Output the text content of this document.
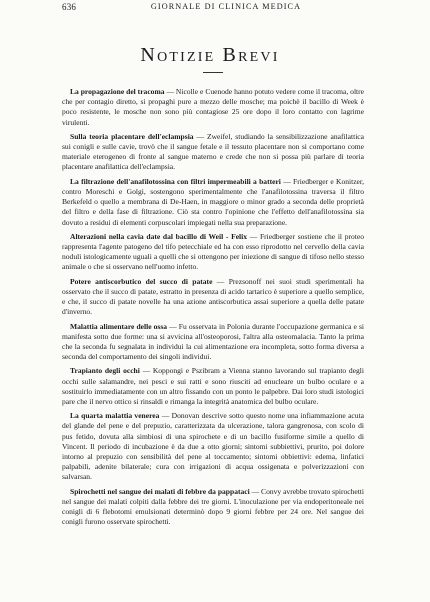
636	GIORNALE DI CLINICA MEDICA
Notizie Brevi

La propagazione del tracoma — Nicolle e Cuenode hanno potuto vedere come il tracoma, oltre che per contagio diretto, si propaghi pure a mezzo delle mosche; ma poichè il bacillo di Week è poco resistente, le mosche non sono più contagiose 25 ore dopo il loro contatto con lagrime virulenti.

Sulla teoria placentare dell'eclampsia — Zweifel, studiando la sensibilizzazione anafilattica sui conigli e sulle cavie, trovò che il sangue fetale e il tessuto placentare non si comportano come materiale eterogeneo di fronte al sangue materno e crede che non si possa più parlare di teoria placentare anafilattica dell'eclampsia.

La filtrazione dell'anafilotossina con filtri impermeabili a batteri — Friedberger e Konitzer, contro Moreschi e Golgi, sostengono sperimentalmente che l'anafilotossina traversa il filtro Berkefeld o quello a membrana di De-Haen, in maggiore o minor grado a seconda delle proprietà del filtro e della fase di filtrazione. Ciò sta contro l'opinione che l'effetto dell'anafilotossina sia dovuto a residui di elementi corpuscolari impiegati nella sua preparazione.

Alterazioni nella cavia date dal bacillo di Weil - Felix — Friedberger sostiene che il proteo rappresenta l'agente patogeno del tifo petecchiale ed ha con esso riprodotto nel cervello della cavia noduli istologicamente uguali a quelli che si ottengono per iniezione di sangue di tifoso nello stesso animale o che si osservano nell'uomo infetto.

Potere antiscorbutico del succo di patate — Prezsonoff nei suoi studi sperimentali ha osservato che il succo di patate, estratto in presenza di acido tartarico è superiore a quello semplice, e che, il succo di patate novelle ha una azione antiscorbutica assai superiore a quella delle patate d'inverno.

Malattia alimentare delle ossa — Fu osservata in Polonia durante l'occupazione germanica e si manifesta sotto due forme: una si avvicina all'osteoporosi, l'altra alla osteomalacia. Tanto la prima che la seconda fu segnalata in individui la cui alimentazione era incompleta, sotto forma diversa a seconda del comportamento dei singoli individui.

Trapianto degli occhi — Koppongi e Pszibram a Vienna stanno lavorando sul trapianto degli occhi sulle salamandre, nei pesci e sui ratti e sono riusciti ad enucleare un bulbo oculare e a sostituirlo immediatamente con un altro fissando con un ponto le palpebre. Dai loro studi istologici pare che il nervo ottico si rinsaldi e rimanga la integrità anatomica del bulbo oculare.

La quarta malattia venerea — Donovan descrive sotto questo nome una infiammazione acuta del glande del pene e del prepuzio, caratterizzata da ulcerazione, talora gangrenosa, con scolo di pus fetido, dovuta alla simbiosi di una spirochete e di un bacillo fusiforme simile a quello di Vincent. Il periodo di incubazione è da due a otto giorni; sintomi subbiettivi, prurito, poi dolore intorno al prepuzio con sensibilità del pene al toccamento; sintomi obbiettivi: edema, linfatici palpabili, adenite bilaterale; cura con irrigazioni di acqua ossigenata e polverizzazioni con salvarsan.

Spirochetti nel sangue dei malati di febbre da pappataci — Convy avrebbe trovato spirochetti nel sangue dei malati colpiti dalla febbre dei tre giorni. L'inoculazione per via endoperitoneale nei conigli di 6 flebotomi emulsionati determinò dopo 9 giorni febbre per 24 ore. Nel sangue dei conigli furono osservate spirochetti.
